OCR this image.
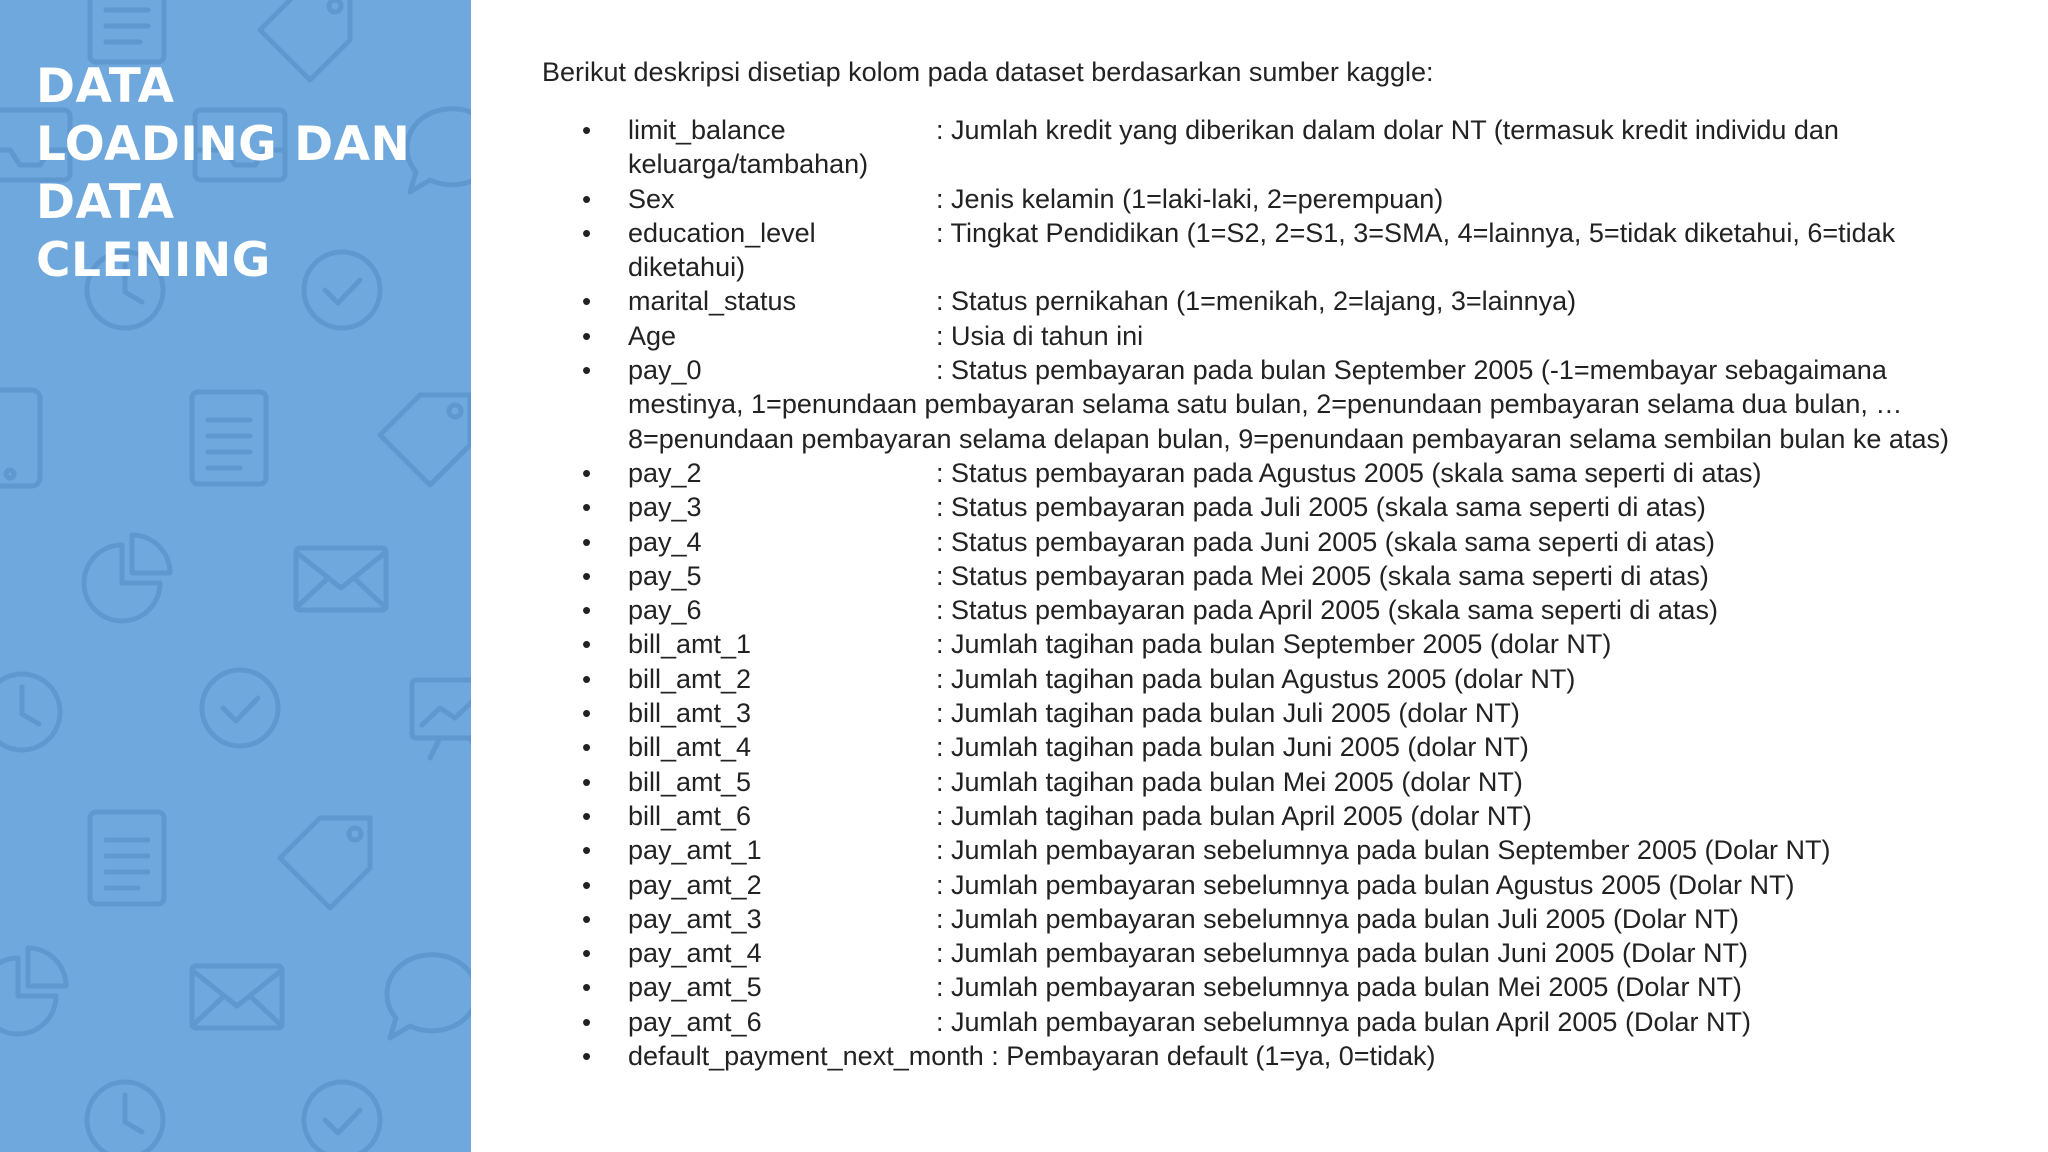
DATA
LOADING DAN
DATA
CLENING

Berikut deskripsi disetiap kolom pada dataset berdasarkan sumber kaggle:

• limit_balance	: Jumlah kredit yang diberikan dalam dolar NT (termasuk kredit individu dan keluarga/tambahan)
• Sex	: Jenis kelamin (1=laki-laki, 2=perempuan)
• education_level	: Tingkat Pendidikan (1=S2, 2=S1, 3=SMA, 4=lainnya, 5=tidak diketahui, 6=tidak diketahui)
• marital_status	: Status pernikahan (1=menikah, 2=lajang, 3=lainnya)
• Age	: Usia di tahun ini
• pay_0	: Status pembayaran pada bulan September 2005 (-1=membayar sebagaimana mestinya, 1=penundaan pembayaran selama satu bulan, 2=penundaan pembayaran selama dua bulan, … 8=penundaan pembayaran selama delapan bulan, 9=penundaan pembayaran selama sembilan bulan ke atas)
• pay_2	: Status pembayaran pada Agustus 2005 (skala sama seperti di atas)
• pay_3	: Status pembayaran pada Juli 2005 (skala sama seperti di atas)
• pay_4	: Status pembayaran pada Juni 2005 (skala sama seperti di atas)
• pay_5	: Status pembayaran pada Mei 2005 (skala sama seperti di atas)
• pay_6	: Status pembayaran pada April 2005 (skala sama seperti di atas)
• bill_amt_1	: Jumlah tagihan pada bulan September 2005 (dolar NT)
• bill_amt_2	: Jumlah tagihan pada bulan Agustus 2005 (dolar NT)
• bill_amt_3	: Jumlah tagihan pada bulan Juli 2005 (dolar NT)
• bill_amt_4	: Jumlah tagihan pada bulan Juni 2005 (dolar NT)
• bill_amt_5	: Jumlah tagihan pada bulan Mei 2005 (dolar NT)
• bill_amt_6	: Jumlah tagihan pada bulan April 2005 (dolar NT)
• pay_amt_1	: Jumlah pembayaran sebelumnya pada bulan September 2005 (Dolar NT)
• pay_amt_2	: Jumlah pembayaran sebelumnya pada bulan Agustus 2005 (Dolar NT)
• pay_amt_3	: Jumlah pembayaran sebelumnya pada bulan Juli 2005 (Dolar NT)
• pay_amt_4	: Jumlah pembayaran sebelumnya pada bulan Juni 2005 (Dolar NT)
• pay_amt_5	: Jumlah pembayaran sebelumnya pada bulan Mei 2005 (Dolar NT)
• pay_amt_6	: Jumlah pembayaran sebelumnya pada bulan April 2005 (Dolar NT)
• default_payment_next_month : Pembayaran default (1=ya, 0=tidak)
